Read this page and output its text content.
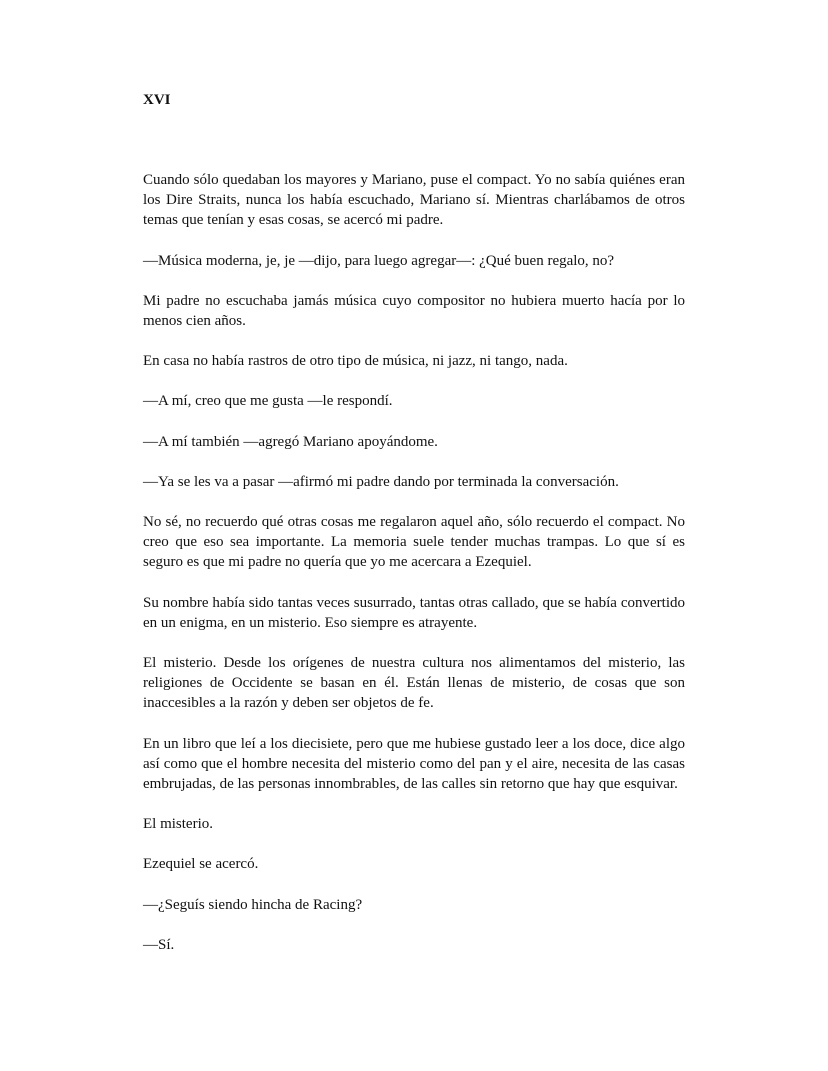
XVI

Cuando sólo quedaban los mayores y Mariano, puse el compact. Yo no sabía quiénes eran los Dire Straits, nunca los había escuchado, Mariano sí. Mientras charlábamos de otros temas que tenían y esas cosas, se acercó mi padre.

—Música moderna, je, je —dijo, para luego agregar—: ¿Qué buen regalo, no?

Mi padre no escuchaba jamás música cuyo compositor no hubiera muerto hacía por lo menos cien años.

En casa no había rastros de otro tipo de música, ni jazz, ni tango, nada.

—A mí, creo que me gusta —le respondí.

—A mí también —agregó Mariano apoyándome.

—Ya se les va a pasar —afirmó mi padre dando por terminada la conversación.

No sé, no recuerdo qué otras cosas me regalaron aquel año, sólo recuerdo el compact. No creo que eso sea importante. La memoria suele tender muchas trampas. Lo que sí es seguro es que mi padre no quería que yo me acercara a Ezequiel.

Su nombre había sido tantas veces susurrado, tantas otras callado, que se había convertido en un enigma, en un misterio. Eso siempre es atrayente.

El misterio. Desde los orígenes de nuestra cultura nos alimentamos del misterio, las religiones de Occidente se basan en él. Están llenas de misterio, de cosas que son inaccesibles a la razón y deben ser objetos de fe.

En un libro que leí a los diecisiete, pero que me hubiese gustado leer a los doce, dice algo así como que el hombre necesita del misterio como del pan y el aire, necesita de las casas embrujadas, de las personas innombrables, de las calles sin retorno que hay que esquivar.

El misterio.

Ezequiel se acercó.

—¿Seguís siendo hincha de Racing?

—Sí.
